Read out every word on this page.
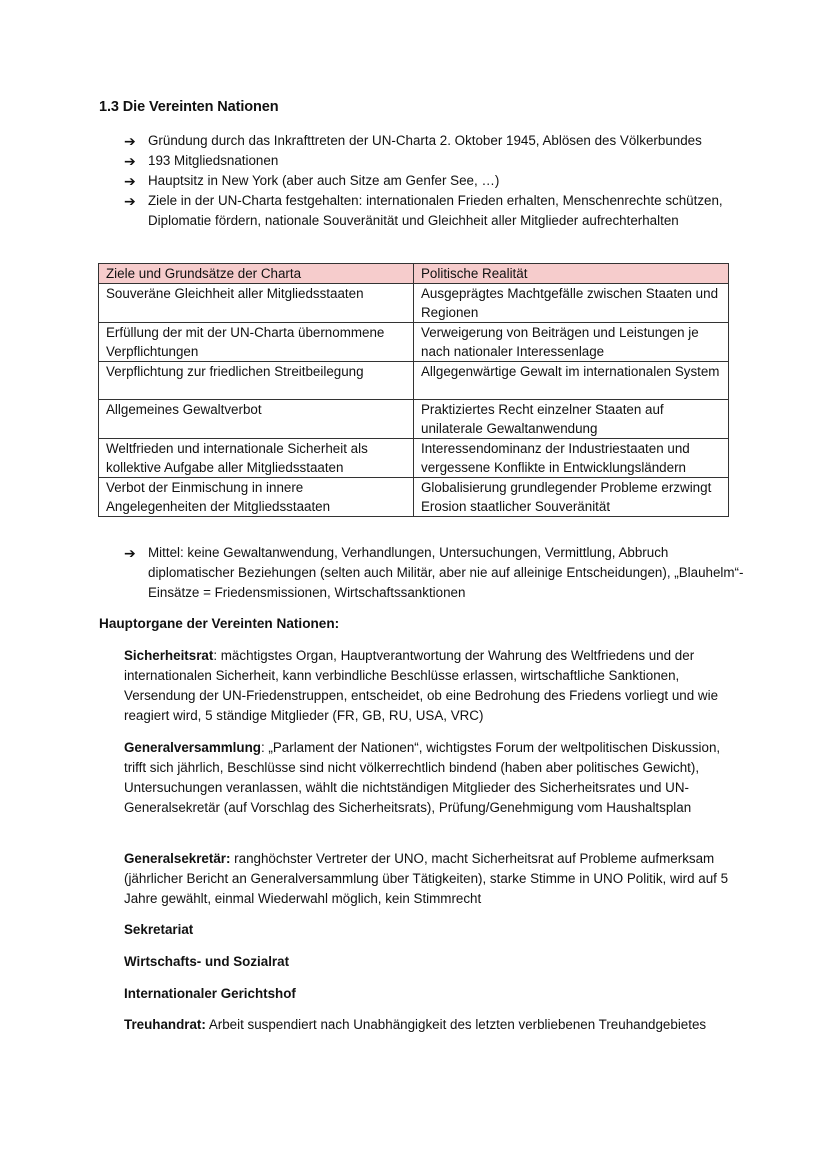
1.3 Die Vereinten Nationen
➔ Gründung durch das Inkrafttreten der UN-Charta 2. Oktober 1945, Ablösen des Völkerbundes
➔ 193 Mitgliedsnationen
➔ Hauptsitz in New York (aber auch Sitze am Genfer See, …)
➔ Ziele in der UN-Charta festgehalten: internationalen Frieden erhalten, Menschenrechte schützen, Diplomatie fördern, nationale Souveränität und Gleichheit aller Mitglieder aufrechterhalten
Ziele und Grundsätze der Charta	Politische Realität
Souveräne Gleichheit aller Mitgliedsstaaten	Ausgeprägtes Machtgefälle zwischen Staaten und Regionen
Erfüllung der mit der UN-Charta übernommene Verpflichtungen	Verweigerung von Beiträgen und Leistungen je nach nationaler Interessenlage
Verpflichtung zur friedlichen Streitbeilegung	Allgegenwärtige Gewalt im internationalen System
Allgemeines Gewaltverbot	Praktiziertes Recht einzelner Staaten auf unilaterale Gewaltanwendung
Weltfrieden und internationale Sicherheit als kollektive Aufgabe aller Mitgliedsstaaten	Interessendominanz der Industriestaaten und vergessene Konflikte in Entwicklungsländern
Verbot der Einmischung in innere Angelegenheiten der Mitgliedsstaaten	Globalisierung grundlegender Probleme erzwingt Erosion staatlicher Souveränität
➔ Mittel: keine Gewaltanwendung, Verhandlungen, Untersuchungen, Vermittlung, Abbruch diplomatischer Beziehungen (selten auch Militär, aber nie auf alleinige Entscheidungen), „Blauhelm“-Einsätze = Friedensmissionen, Wirtschaftssanktionen
Hauptorgane der Vereinten Nationen:
Sicherheitsrat: mächtigstes Organ, Hauptverantwortung der Wahrung des Weltfriedens und der internationalen Sicherheit, kann verbindliche Beschlüsse erlassen, wirtschaftliche Sanktionen, Versendung der UN-Friedenstruppen, entscheidet, ob eine Bedrohung des Friedens vorliegt und wie reagiert wird, 5 ständige Mitglieder (FR, GB, RU, USA, VRC)
Generalversammlung: „Parlament der Nationen“, wichtigstes Forum der weltpolitischen Diskussion, trifft sich jährlich, Beschlüsse sind nicht völkerrechtlich bindend (haben aber politisches Gewicht), Untersuchungen veranlassen, wählt die nichtständigen Mitglieder des Sicherheitsrates und UN-Generalsekretär (auf Vorschlag des Sicherheitsrats), Prüfung/Genehmigung vom Haushaltsplan
Generalsekretär: ranghöchster Vertreter der UNO, macht Sicherheitsrat auf Probleme aufmerksam (jährlicher Bericht an Generalversammlung über Tätigkeiten), starke Stimme in UNO Politik, wird auf 5 Jahre gewählt, einmal Wiederwahl möglich, kein Stimmrecht
Sekretariat
Wirtschafts- und Sozialrat
Internationaler Gerichtshof
Treuhandrat: Arbeit suspendiert nach Unabhängigkeit des letzten verbliebenen Treuhandgebietes
